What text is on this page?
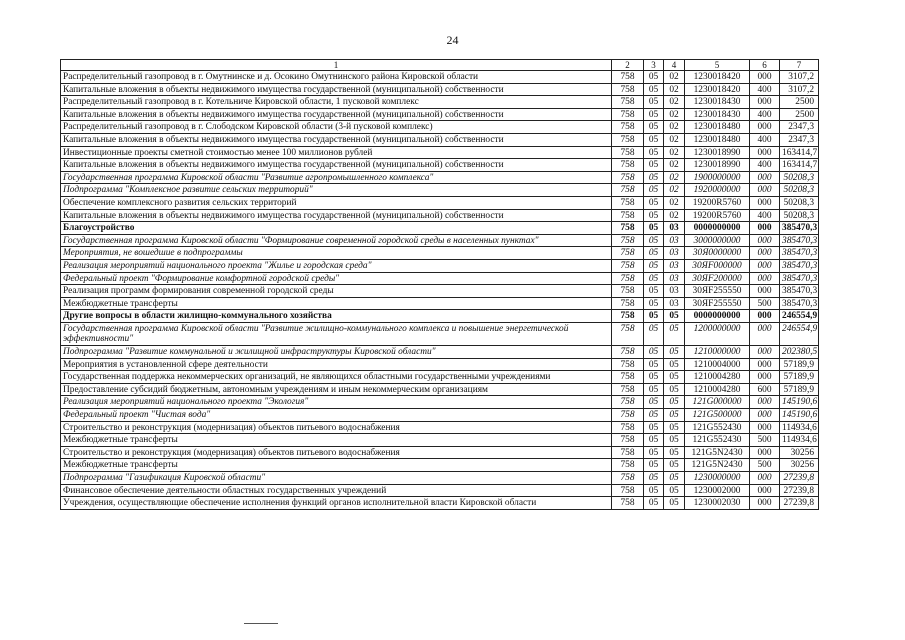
24
1	2	3	4	5	6	7
Распределительный газопровод в г. Омутнинске и д. Осокино Омутнинского района Кировской области	758	05	02	1230018420	000	3107,2
Капитальные вложения в объекты недвижимого имущества государственной (муниципальной) собственности	758	05	02	1230018420	400	3107,2
Распределительный газопровод в г. Котельниче Кировской области, 1 пусковой комплекс	758	05	02	1230018430	000	2500
Капитальные вложения в объекты недвижимого имущества государственной (муниципальной) собственности	758	05	02	1230018430	400	2500
Распределительный газопровод в г. Слободском Кировской области (3-й пусковой комплекс)	758	05	02	1230018480	000	2347,3
Капитальные вложения в объекты недвижимого имущества государственной (муниципальной) собственности	758	05	02	1230018480	400	2347,3
Инвестиционные проекты сметной стоимостью менее 100 миллионов рублей	758	05	02	1230018990	000	163414,7
Капитальные вложения в объекты недвижимого имущества государственной (муниципальной) собственности	758	05	02	1230018990	400	163414,7
Государственная программа Кировской области "Развитие агропромышленного комплекса"	758	05	02	1900000000	000	50208,3
Подпрограмма "Комплексное развитие сельских территорий"	758	05	02	1920000000	000	50208,3
Обеспечение комплексного развития сельских территорий	758	05	02	19200R5760	000	50208,3
Капитальные вложения в объекты недвижимого имущества государственной (муниципальной) собственности	758	05	02	19200R5760	400	50208,3
Благоустройство	758	05	03	0000000000	000	385470,3
Государственная программа Кировской области "Формирование современной городской среды в населенных пунктах"	758	05	03	3000000000	000	385470,3
Мероприятия, не вошедшие в подпрограммы	758	05	03	30Я0000000	000	385470,3
Реализация мероприятий национального проекта "Жилье и городская среда"	758	05	03	30ЯF000000	000	385470,3
Федеральный проект "Формирование комфортной городской среды"	758	05	03	30ЯF200000	000	385470,3
Реализация программ формирования современной городской среды	758	05	03	30ЯF255550	000	385470,3
Межбюджетные трансферты	758	05	03	30ЯF255550	500	385470,3
Другие вопросы в области жилищно-коммунального хозяйства	758	05	05	0000000000	000	246554,9
Государственная программа Кировской области "Развитие жилищно-коммунального комплекса и повышение энергетической эффективности"	758	05	05	1200000000	000	246554,9
Подпрограмма "Развитие коммунальной и жилищной инфраструктуры Кировской области"	758	05	05	1210000000	000	202380,5
Мероприятия в установленной сфере деятельности	758	05	05	1210004000	000	57189,9
Государственная поддержка некоммерческих организаций, не являющихся областными государственными учреждениями	758	05	05	1210004280	000	57189,9
Предоставление субсидий бюджетным, автономным учреждениям и иным некоммерческим организациям	758	05	05	1210004280	600	57189,9
Реализация мероприятий национального проекта "Экология"	758	05	05	121G000000	000	145190,6
Федеральный проект "Чистая вода"	758	05	05	121G500000	000	145190,6
Строительство и реконструкция (модернизация) объектов питьевого водоснабжения	758	05	05	121G552430	000	114934,6
Межбюджетные трансферты	758	05	05	121G552430	500	114934,6
Строительство и реконструкция (модернизация) объектов питьевого водоснабжения	758	05	05	121G5N2430	000	30256
Межбюджетные трансферты	758	05	05	121G5N2430	500	30256
Подпрограмма "Газификация Кировской области"	758	05	05	1230000000	000	27239,8
Финансовое обеспечение деятельности областных государственных учреждений	758	05	05	1230002000	000	27239,8
Учреждения, осуществляющие обеспечение исполнения функций органов исполнительной власти Кировской области	758	05	05	1230002030	000	27239,8
